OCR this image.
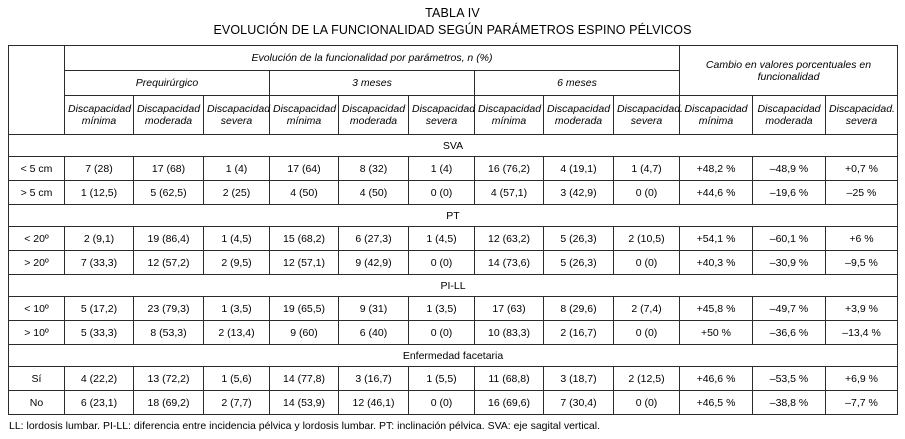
TABLA IV
EVOLUCIÓN DE LA FUNCIONALIDAD SEGÚN PARÁMETROS ESPINO PÉLVICOS
	Evolución de la funcionalidad por parámetros, n (%)									Cambio en valores porcentuales en funcionalidad		
	Prequirúrgico			3 meses			6 meses					
	Discapacidad mínima	Discapacidad moderada	Discapacidad severa	Discapacidad mínima	Discapacidad moderada	Discapacidad severa	Discapacidad mínima	Discapacidad moderada	Discapacidad. severa	Discapacidad mínima	Discapacidad moderada	Discapacidad. severa
SVA												
< 5 cm	7 (28)	17 (68)	1 (4)	17 (64)	8 (32)	1 (4)	16 (76,2)	4 (19,1)	1 (4,7)	+48,2 %	–48,9 %	+0,7 %
> 5 cm	1 (12,5)	5 (62,5)	2 (25)	4 (50)	4 (50)	0 (0)	4 (57,1)	3 (42,9)	0 (0)	+44,6 %	–19,6 %	–25 %
PT												
< 20º	2 (9,1)	19 (86,4)	1 (4,5)	15 (68,2)	6 (27,3)	1 (4,5)	12 (63,2)	5 (26,3)	2 (10,5)	+54,1 %	–60,1 %	+6 %
> 20º	7 (33,3)	12 (57,2)	2 (9,5)	12 (57,1)	9 (42,9)	0 (0)	14 (73,6)	5 (26,3)	0 (0)	+40,3 %	–30,9 %	–9,5 %
PI-LL												
< 10º	5 (17,2)	23 (79,3)	1 (3,5)	19 (65,5)	9 (31)	1 (3,5)	17 (63)	8 (29,6)	2 (7,4)	+45,8 %	–49,7 %	+3,9 %
> 10º	5 (33,3)	8 (53,3)	2 (13,4)	9 (60)	6 (40)	0 (0)	10 (83,3)	2 (16,7)	0 (0)	+50 %	–36,6 %	–13,4 %
Enfermedad facetaria												
Sí	4 (22,2)	13 (72,2)	1 (5,6)	14 (77,8)	3 (16,7)	1 (5,5)	11 (68,8)	3 (18,7)	2 (12,5)	+46,6 %	–53,5 %	+6,9 %
No	6 (23,1)	18 (69,2)	2 (7,7)	14 (53,9)	12 (46,1)	0 (0)	16 (69,6)	7 (30,4)	0 (0)	+46,5 %	–38,8 %	–7,7 %
LL: lordosis lumbar. PI-LL: diferencia entre incidencia pélvica y lordosis lumbar. PT: inclinación pélvica. SVA: eje sagital vertical.
